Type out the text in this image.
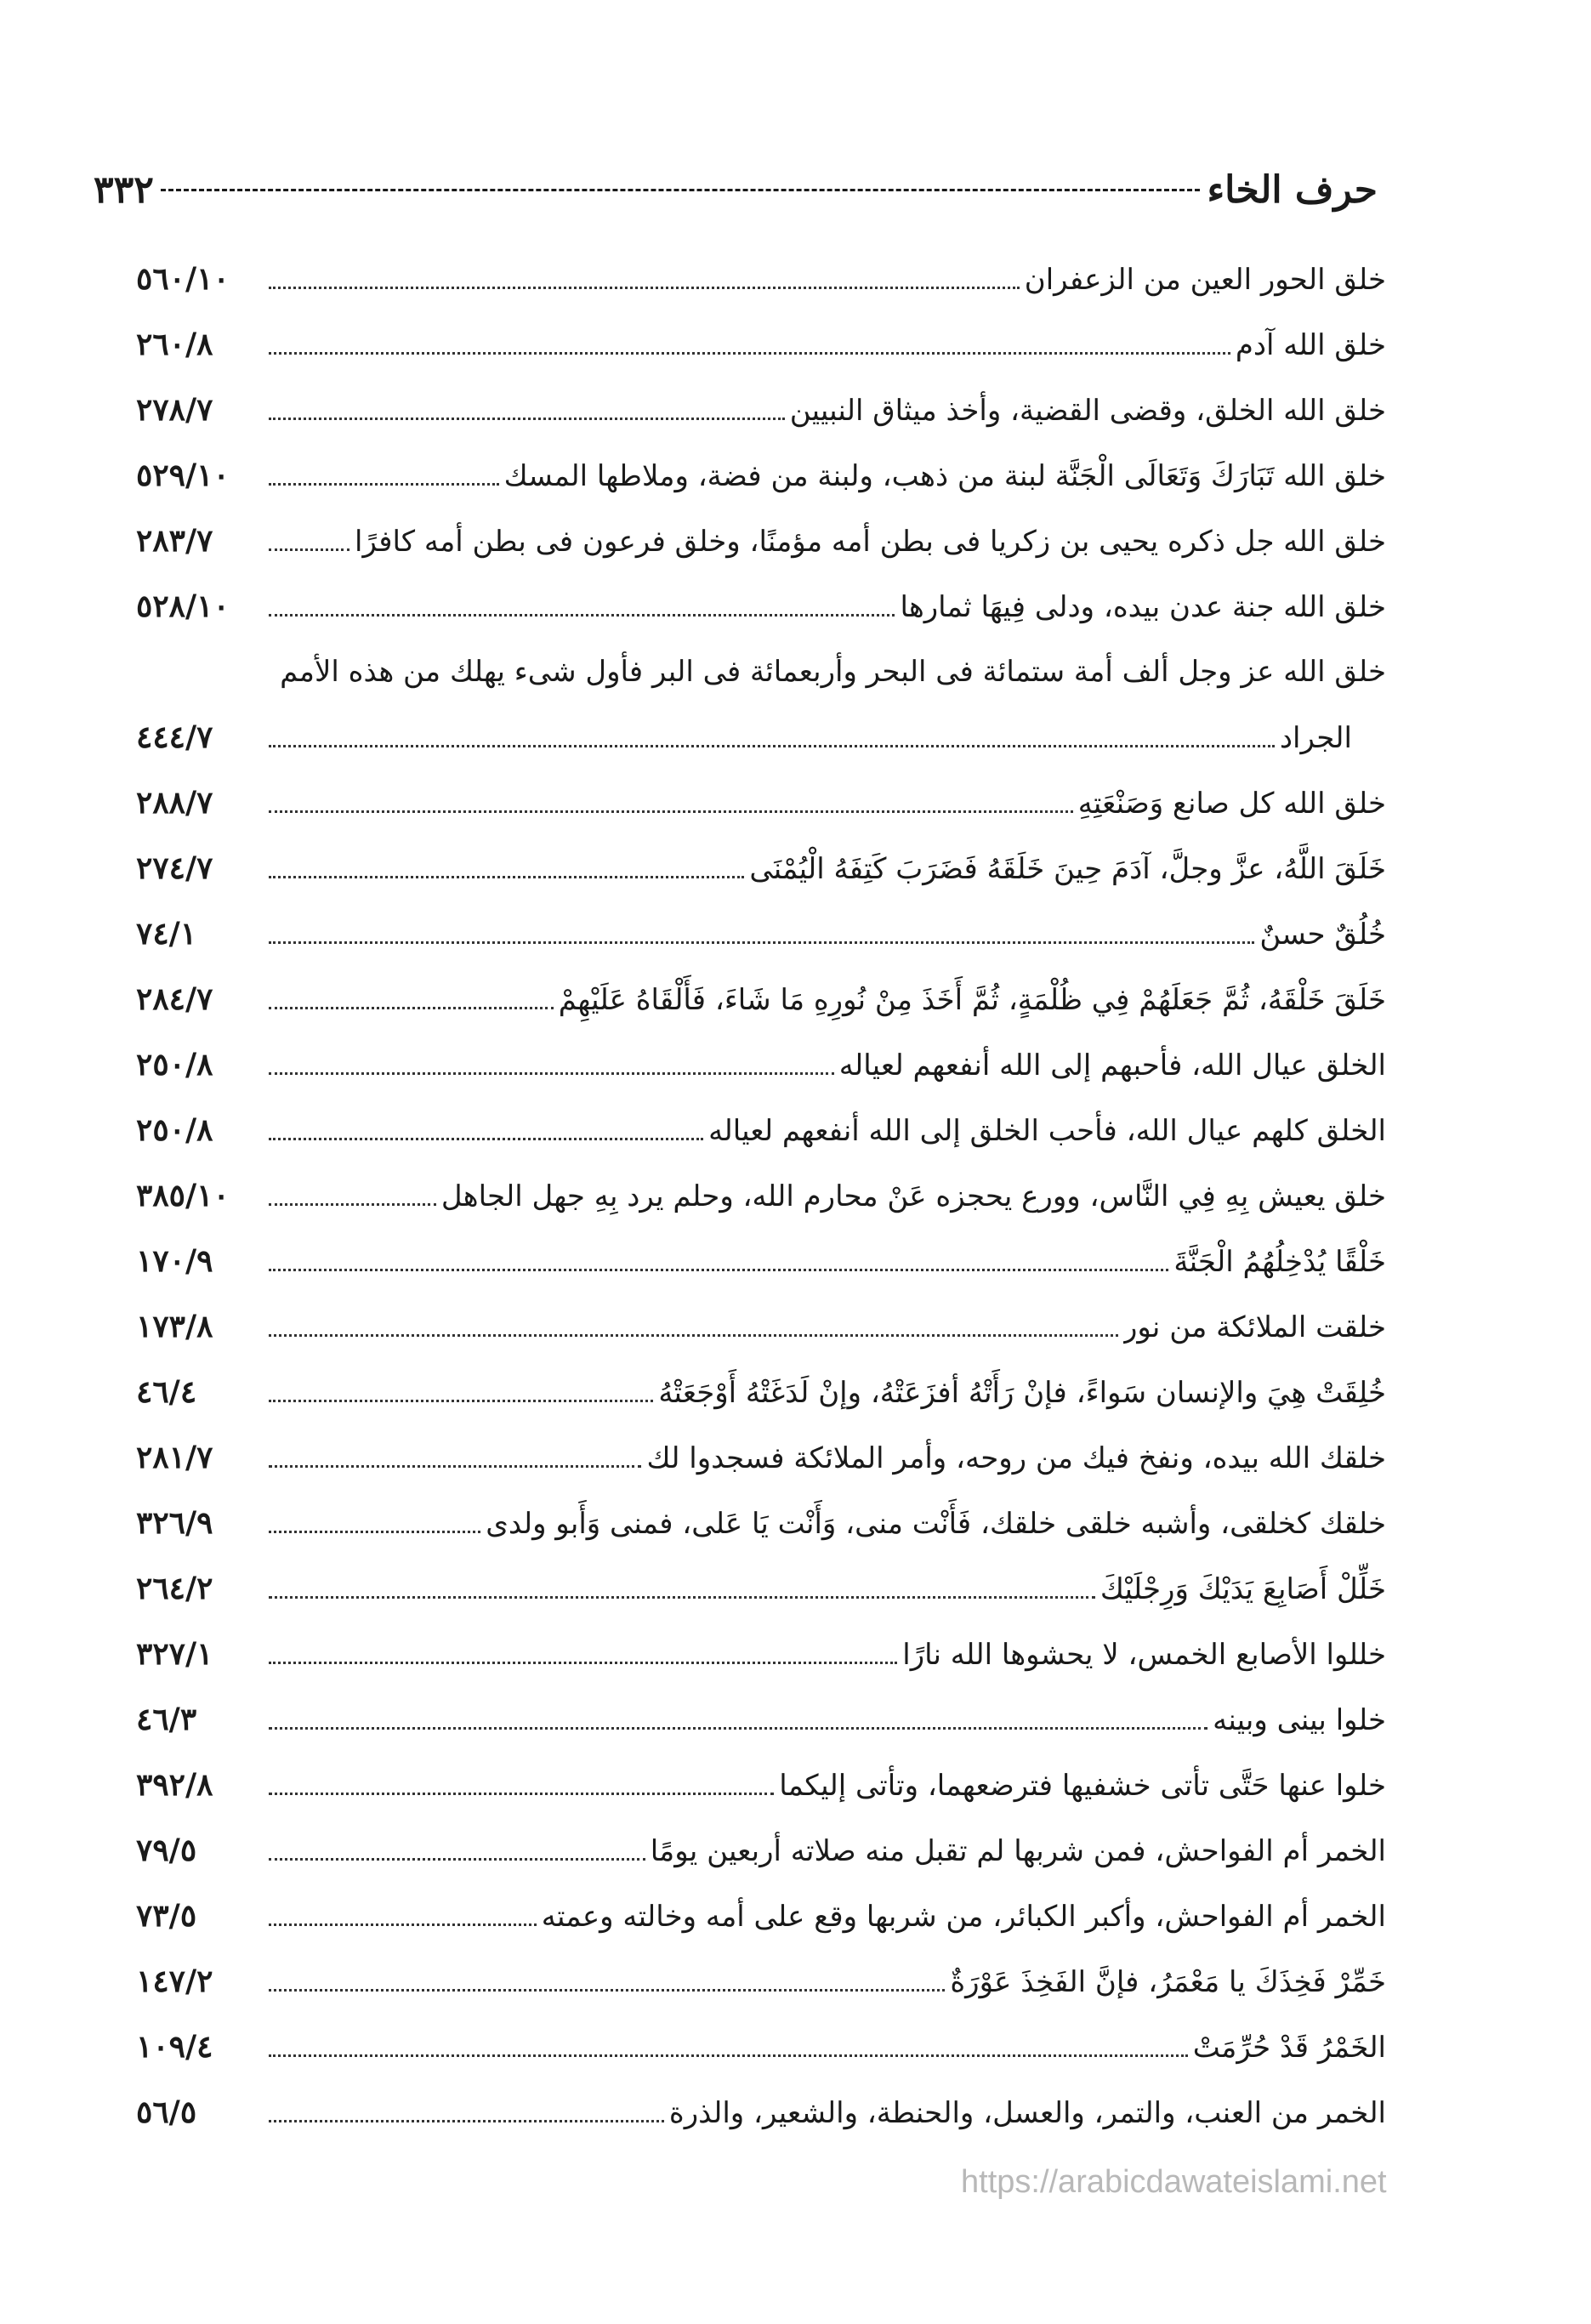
حرف الخاء
٣٣٢
خلق الحور العين من الزعفران
٥٦٠/١٠
خلق الله آدم
٢٦٠/٨
خلق الله الخلق، وقضى القضية، وأخذ ميثاق النبيين
٢٧٨/٧
خلق الله تَبَارَكَ وَتَعَالَى الْجَنَّة لبنة من ذهب، ولبنة من فضة، وملاطها المسك
٥٢٩/١٠
خلق الله جل ذكره يحيى بن زكريا فى بطن أمه مؤمنًا، وخلق فرعون فى بطن أمه كافرًا
٢٨٣/٧
خلق الله جنة عدن بيده، ودلى فِيهَا ثمارها
٥٢٨/١٠
خلق الله عز وجل ألف أمة ستمائة فى البحر وأربعمائة فى البر فأول شىء يهلك من هذه الأمم
الجراد
٤٤٤/٧
خلق الله كل صانع وَصَنْعَتِهِ
٢٨٨/٧
خَلَقَ اللَّهُ، عزَّ وجلَّ، آدَمَ حِينَ خَلَقَهُ فَضَرَبَ كَتِفَهُ الْيُمْنَى
٢٧٤/٧
خُلُقٌ حسنٌ
٧٤/١
خَلَقَ خَلْقَهُ، ثُمَّ جَعَلَهُمْ فِي ظُلْمَةٍ، ثُمَّ أَخَذَ مِنْ نُورِهِ مَا شَاءَ، فَأَلْقَاهُ عَلَيْهِمْ
٢٨٤/٧
الخلق عيال الله، فأحبهم إلى الله أنفعهم لعياله
٢٥٠/٨
الخلق كلهم عيال الله، فأحب الخلق إلى الله أنفعهم لعياله
٢٥٠/٨
خلق يعيش بِهِ فِي النَّاس، وورع يحجزه عَنْ محارم الله، وحلم يرد بِهِ جهل الجاهل
٣٨٥/١٠
خَلْقًا يُدْخِلُهُمُ الْجَنَّةَ
١٧٠/٩
خلقت الملائكة من نور
١٧٣/٨
خُلِقَتْ هِيَ والإنسان سَواءً، فإنْ رَأَتْهُ أفزَعَتْهُ، وإنْ لَدَغَتْهُ أَوْجَعَتْهُ
٤٦/٤
خلقك الله بيده، ونفخ فيك من روحه، وأمر الملائكة فسجدوا لك
٢٨١/٧
خلقك كخلقى، وأشبه خلقى خلقك، فَأَنْت منى، وَأَنْت يَا عَلى، فمنى وَأَبو ولدى
٣٢٦/٩
خَلِّلْ أَصَابِعَ يَدَيْكَ وَرِجْلَيْكَ
٢٦٤/٢
خللوا الأصابع الخمس، لا يحشوها الله نارًا
٣٢٧/١
خلوا بينى وبينه
٤٦/٣
خلوا عنها حَتَّى تأتى خشفيها فترضعهما، وتأتى إليكما
٣٩٢/٨
الخمر أم الفواحش، فمن شربها لم تقبل منه صلاته أربعين يومًا
٧٩/٥
الخمر أم الفواحش، وأكبر الكبائر، من شربها وقع على أمه وخالته وعمته
٧٣/٥
خَمِّرْ فَخِذَكَ يا مَعْمَرُ، فإنَّ الفَخِذَ عَوْرَةٌ
١٤٧/٢
الخَمْرُ قَدْ حُرِّمَتْ
١٠٩/٤
الخمر من العنب، والتمر، والعسل، والحنطة، والشعير، والذرة
٥٦/٥
https://arabicdawateislami.net
